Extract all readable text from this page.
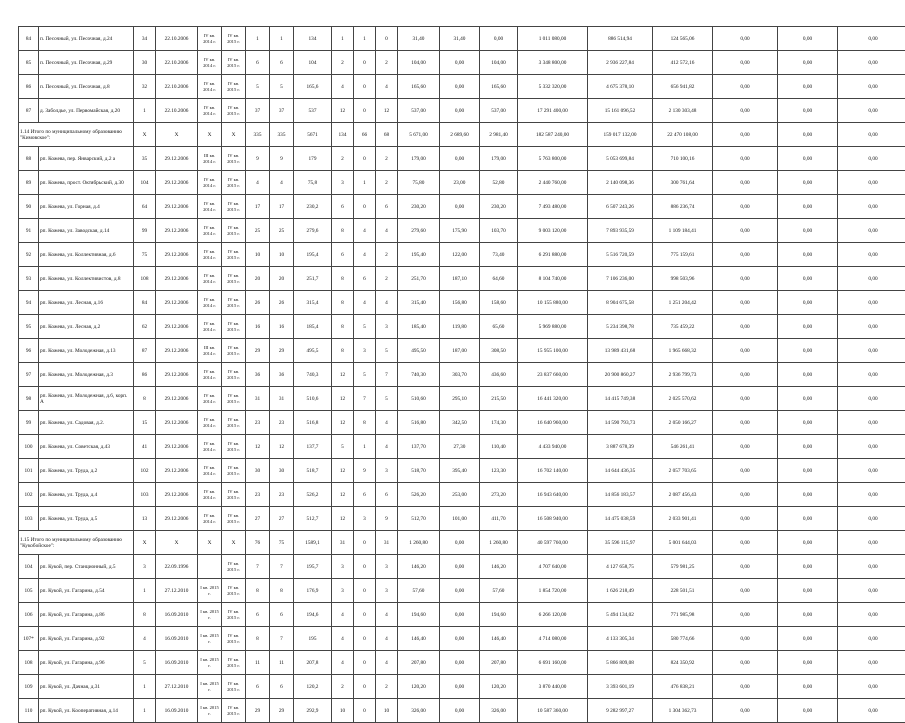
84	п. Песочный, ул. Песочная, д.24	34	22.10.2006	IV кв. 2014 г.	IV кв. 2015 г.	1	1	134	1	1	0	31,40	31,40	0,00	1 011 080,00	886 514,94	124 565,06	0,00	0,00	0,00
85	п. Песочный, ул. Песочная, д.29	30	22.10.2006	IV кв. 2014 г.	IV кв. 2015 г.	6	6	104	2	0	2	104,00	0,00	104,00	3 348 800,00	2 936 227,84	412 572,16	0,00	0,00	0,00
86	п. Песочный, ул. Песочная, д.8	32	22.10.2006	IV кв. 2014 г.	IV кв. 2015 г.	5	5	165,6	4	0	4	165,60	0,00	165,60	5 332 320,00	4 675 378,10	656 941,82	0,00	0,00	0,00
87	д. Заболдье, ул. Первомайская, д.20	1	22.10.2006	IV кв. 2014 г.	IV кв. 2015 г.	37	37	537	12	0	12	537,00	0,00	537,00	17 291 400,00	15 161 096,52	2 130 303,48	0,00	0,00	0,00
1.14 Итого по муниципальному образованию "Кимовское":		X	X	X	X	335	335	5671	134	66	68	5 671,00	2 689,60	2 981,40	182 587 240,00	159 017 132,00	22 470 108,00	0,00	0,00	0,00
88	рп. Кожева, пер. Январский, д.2 а	35	29.12.2006	III кв. 2014 г.	IV кв. 2015 г.	9	9	179	2	0	2	179,00	0,00	179,00	5 763 800,00	5 053 699,84	710 100,16	0,00	0,00	0,00
89	рп. Кожева, прост. Октябрьский, д.30	104	29.12.2006	IV кв. 2014 г.	IV кв. 2015 г.	4	4	75,8	3	1	2	75,80	23,00	52,80	2 440 760,00	2 140 098,36	300 761,64	0,00	0,00	0,00
90	рп. Кожева, ул. Горная, д.4	64	29.12.2006	IV кв. 2014 г.	IV кв. 2015 г.	17	17	230,2	6	0	6	230,20	0,00	230,20	7 493 480,00	6 507 243,26	886 236,74	0,00	0,00	0,00
91	рп. Кожева, ул. Заводская, д.14	99	29.12.2006	IV кв. 2014 г.	IV кв. 2015 г.	25	25	279,6	8	4	4	279,60	175,90	103,70	9 003 120,00	7 893 935,59	1 109 184,41	0,00	0,00	0,00
92	рп. Кожева, ул. Коллективная, д.6	75	29.12.2006	IV кв. 2014 г.	IV кв. 2015 г.	10	10	195,4	6	4	2	195,40	122,00	73,40	6 291 880,00	5 516 720,59	775 159,61	0,00	0,00	0,00
93	рп. Кожева, ул. Коллективистов, д.8	108	29.12.2006	IV кв. 2014 г.	IV кв. 2015 г.	20	20	251,7	8	6	2	251,70	187,10	64,60	8 104 740,00	7 106 236,00	998 503,96	0,00	0,00	0,00
94	рп. Кожева, ул. Лесная, д.16	84	29.12.2006	IV кв. 2014 г.	IV кв. 2015 г.	26	26	315,4	8	4	4	315,40	156,80	158,60	10 155 880,00	8 904 675,58	1 251 204,42	0,00	0,00	0,00
95	рп. Кожева, ул. Лесная, д.2	62	29.12.2006	IV кв. 2014 г.	IV кв. 2015 г.	16	16	185,4	8	5	3	185,40	119,80	65,60	5 969 880,00	5 234 398,78	735 459,22	0,00	0,00	0,00
96	рп. Кожева, ул. Молодежная, д.13	87	29.12.2006	III кв. 2014 г.	IV кв. 2015 г.	29	29	495,5	8	3	5	495,50	187,00	308,50	15 955 100,00	13 989 431,68	1 965 668,32	0,00	0,00	0,00
97	рп. Кожева, ул. Молодежная, д.3	86	29.12.2006	IV кв. 2014 г.	IV кв. 2015 г.	36	36	740,3	12	5	7	740,30	303,70	436,60	23 837 660,00	20 900 860,27	2 936 799,73	0,00	0,00	0,00
98	рп. Кожева, ул. Молодежная, д.6, корп. А	8	29.12.2006	IV кв. 2014 г.	IV кв. 2015 г.	31	31	510,6	12	7	5	510,60	295,10	215,50	16 441 320,00	14 415 749,38	2 025 570,62	0,00	0,00	0,00
99	рп. Кожева, ул. Садовая, д.2.	15	29.12.2006	IV кв. 2014 г.	IV кв. 2015 г.	23	23	516,8	12	8	4	516,80	342,50	174,30	16 640 960,00	14 590 793,73	2 050 166,27	0,00	0,00	0,00
100	рп. Кожева, ул. Советская, д.43	41	29.12.2006	IV кв. 2014 г.	IV кв. 2015 г.	12	12	137,7	5	1	4	137,70	27,30	110,40	4 433 940,00	3 887 678,39	546 261,41	0,00	0,00	0,00
101	рп. Кожева, ул. Труда, д.2	102	29.12.2006	IV кв. 2014 г.	IV кв. 2015 г.	30	30	518,7	12	9	3	518,70	395,40	123,30	16 702 140,00	14 644 436,35	2 057 703,65	0,00	0,00	0,00
102	рп. Кожева, ул. Труда, д.4	103	29.12.2006	IV кв. 2014 г.	IV кв. 2015 г.	23	23	526,2	12	6	6	526,20	253,00	273,20	16 943 640,00	14 856 183,57	2 087 456,43	0,00	0,00	0,00
103	рп. Кожева, ул. Труда, д.5	13	29.12.2006	IV кв. 2014 г.	IV кв. 2015 г.	27	27	512,7	12	3	9	512,70	101,00	411,70	16 508 940,00	14 475 038,59	2 033 901,41	0,00	0,00	0,00
1.15 Итого по муниципальному образованию "Кукобойское":		X	X	X	X	76	75	1589,1	31	0	31	1 260,80	0,00	1 260,80	40 597 760,00	35 596 115,97	5 001 644,03	0,00	0,00	0,00
104	рп. Кукой, пер. Станционный, д.5	3	22.09.1996		IV кв. 2015 г.	7	7	195,7	3	0	3	146,20	0,00	146,20	4 707 640,00	4 127 658,75	579 981,25	0,00	0,00	0,00
105	рп. Кукой, ул. Гагарина, д.54	1	27.12.2010	I кв. 2015 г.	IV кв. 2015 г.	8	8	176,9	3	0	3	57,60	0,00	57,60	1 854 720,00	1 626 218,49	228 501,51	0,00	0,00	0,00
106	рп. Кукой, ул. Гагарина, д.86	8	16.09.2010	I кв. 2015 г.	IV кв. 2015 г.	6	6	194,6	4	0	4	194,60	0,00	194,60	6 266 120,00	5 494 134,02	771 985,98	0,00	0,00	0,00
107*	рп. Кукой, ул. Гагарина, д.92	4	16.09.2010	I кв. 2015 г.	IV кв. 2015 г.	8	7	195	4	0	4	146,40	0,00	146,40	4 714 080,00	4 133 305,34	580 774,66	0,00	0,00	0,00
108	рп. Кукой, ул. Гагарина, д.96	5	16.09.2010	I кв. 2015 г.	IV кв. 2015 г.	11	11	207,8	4	0	4	207,80	0,00	207,80	6 691 160,00	5 866 809,08	824 350,92	0,00	0,00	0,00
109	рп. Кукой, ул. Дачная, д.31	1	27.12.2010	I кв. 2015 г.	IV кв. 2015 г.	6	6	120,2	2	0	2	120,20	0,00	120,20	3 870 440,00	3 393 601,19	476 838,21	0,00	0,00	0,00
110	рп. Кукой, ул. Кооперативная, д.14	1	16.09.2010	I кв. 2015 г.	IV кв. 2015 г.	29	29	292,9	10	0	10	326,00	0,00	326,00	10 587 360,00	9 282 997,27	1 304 362,73	0,00	0,00	0,00
